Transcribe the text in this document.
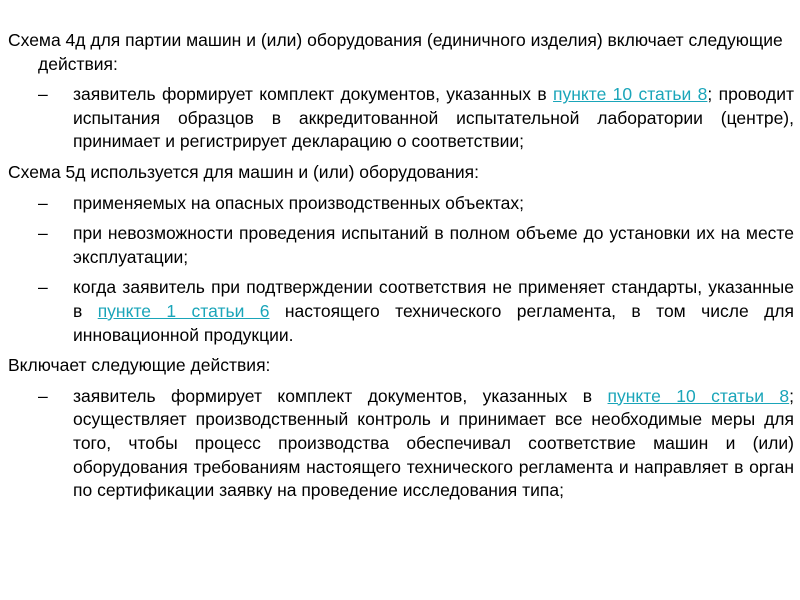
Схема 4д для партии машин и (или) оборудования (единичного изделия) включает следующие действия:

– заявитель формирует комплект документов, указанных в пункте 10 статьи 8; проводит испытания образцов в аккредитованной испытательной лаборатории (центре), принимает и регистрирует декларацию о соответствии;

Схема 5д используется для машин и (или) оборудования:

– применяемых на опасных производственных объектах;
– при невозможности проведения испытаний в полном объеме до установки их на месте эксплуатации;
– когда заявитель при подтверждении соответствия не применяет стандарты, указанные в пункте 1 статьи 6 настоящего технического регламента, в том числе для инновационной продукции.

Включает следующие действия:

– заявитель формирует комплект документов, указанных в пункте 10 статьи 8; осуществляет производственный контроль и принимает все необходимые меры для того, чтобы процесс производства обеспечивал соответствие машин и (или) оборудования требованиям настоящего технического регламента и направляет в орган по сертификации заявку на проведение исследования типа;
